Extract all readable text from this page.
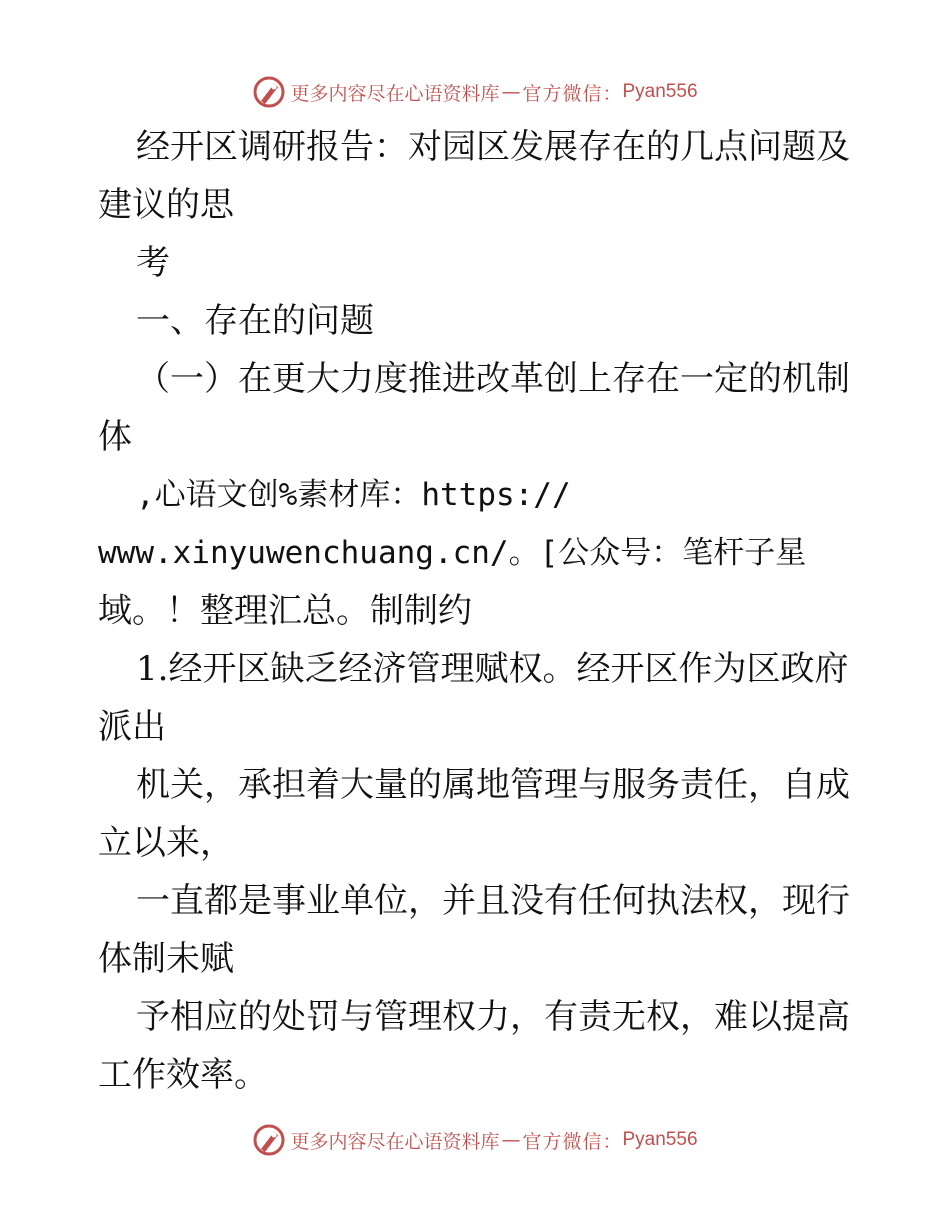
更多内容尽在心语资料库 — 官方微信： Pyan556
经开区调研报告：对园区发展存在的几点问题及
建议的思
考
一、存在的问题
（一）在更大力度推进改革创上存在一定的机制
体
,心语文创%素材库：https://
www.xinyuwenchuang.cn/。[公众号：笔杆子星
域。！整理汇总。制制约
1.经开区缺乏经济管理赋权。经开区作为区政府
派出
机关，承担着大量的属地管理与服务责任，自成
立以来，
一直都是事业单位，并且没有任何执法权，现行
体制未赋
予相应的处罚与管理权力，有责无权，难以提高
工作效率。
更多内容尽在心语资料库 — 官方微信： Pyan556
